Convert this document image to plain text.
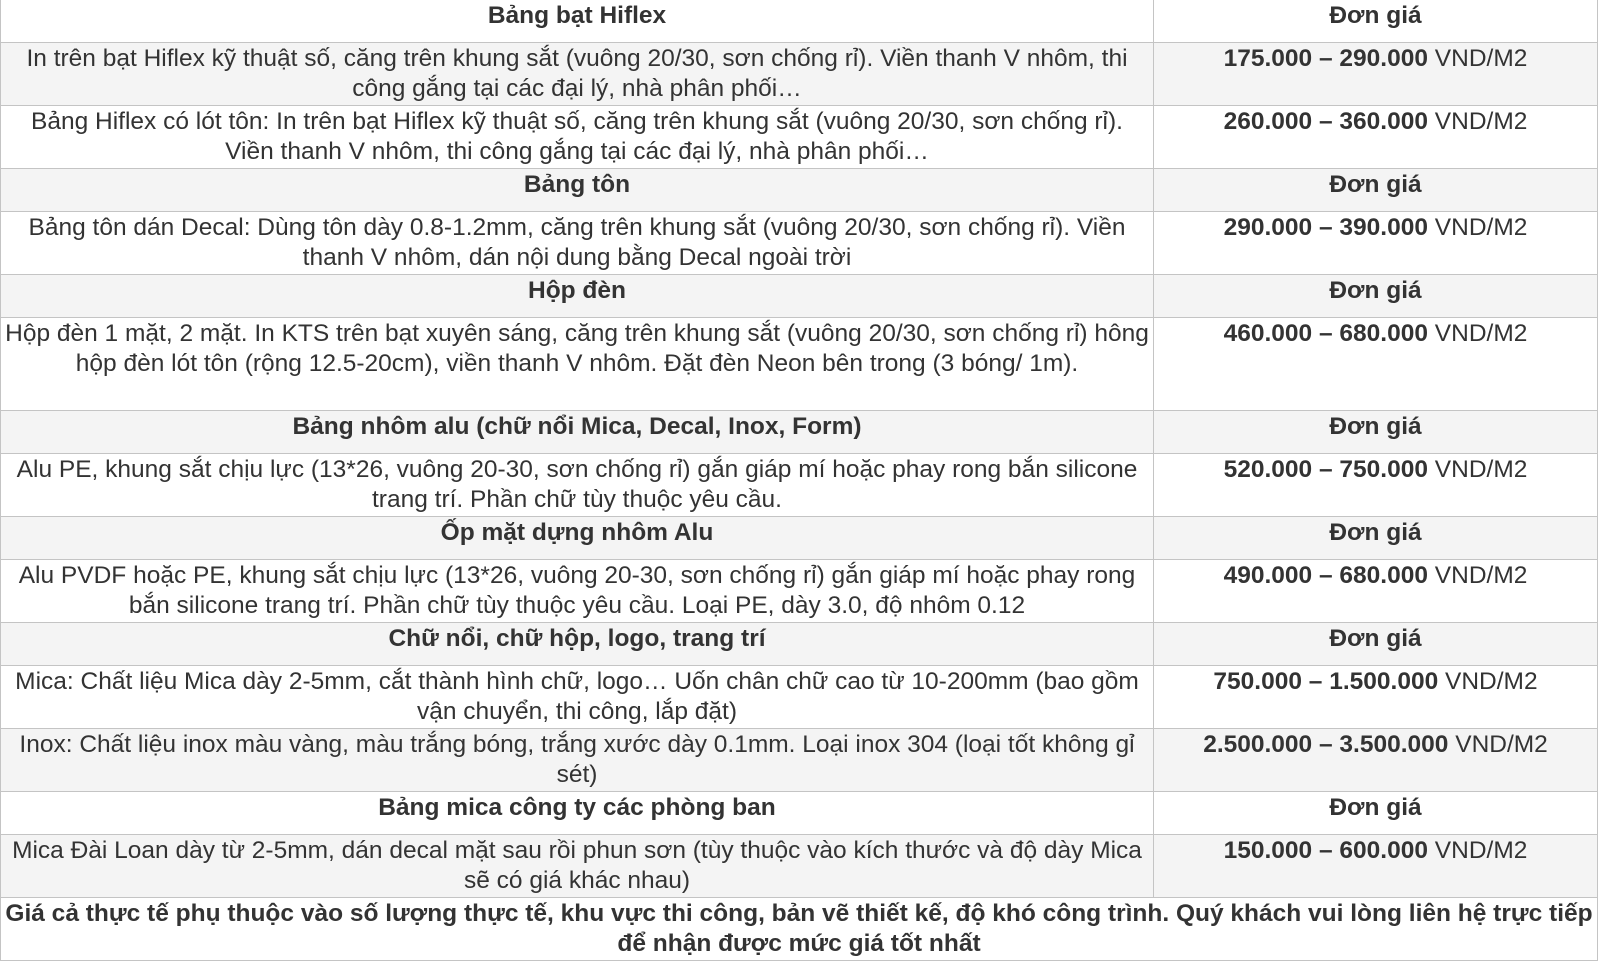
Bảng bạt Hiflex	Đơn giá
In trên bạt Hiflex kỹ thuật số, căng trên khung sắt (vuông 20/30, sơn chống rỉ). Viền thanh V nhôm, thi công gắng tại các đại lý, nhà phân phối…	175.000 – 290.000 VND/M2
Bảng Hiflex có lót tôn: In trên bạt Hiflex kỹ thuật số, căng trên khung sắt (vuông 20/30, sơn chống rỉ). Viền thanh V nhôm, thi công gắng tại các đại lý, nhà phân phối…	260.000 – 360.000 VND/M2
Bảng tôn	Đơn giá
Bảng tôn dán Decal: Dùng tôn dày 0.8-1.2mm, căng trên khung sắt (vuông 20/30, sơn chống rỉ). Viền thanh V nhôm, dán nội dung bằng Decal ngoài trời	290.000 – 390.000 VND/M2
Hộp đèn	Đơn giá
Hộp đèn 1 mặt, 2 mặt. In KTS trên bạt xuyên sáng, căng trên khung sắt (vuông 20/30, sơn chống rỉ) hông hộp đèn lót tôn (rộng 12.5-20cm), viền thanh V nhôm. Đặt đèn Neon bên trong (3 bóng/ 1m).	460.000 – 680.000 VND/M2
Bảng nhôm alu (chữ nổi Mica, Decal, Inox, Form)	Đơn giá
Alu PE, khung sắt chịu lực (13*26, vuông 20-30, sơn chống rỉ) gắn giáp mí hoặc phay rong bắn silicone trang trí. Phần chữ tùy thuộc yêu cầu.	520.000 – 750.000 VND/M2
Ốp mặt dựng nhôm Alu	Đơn giá
Alu PVDF hoặc PE, khung sắt chịu lực (13*26, vuông 20-30, sơn chống rỉ) gắn giáp mí hoặc phay rong bắn silicone trang trí. Phần chữ tùy thuộc yêu cầu. Loại PE, dày 3.0, độ nhôm 0.12	490.000 – 680.000 VND/M2
Chữ nổi, chữ hộp, logo, trang trí	Đơn giá
Mica: Chất liệu Mica dày 2-5mm, cắt thành hình chữ, logo… Uốn chân chữ cao từ 10-200mm (bao gồm vận chuyển, thi công, lắp đặt)	750.000 – 1.500.000 VND/M2
Inox: Chất liệu inox màu vàng, màu trắng bóng, trắng xước dày 0.1mm. Loại inox 304 (loại tốt không gỉ sét)	2.500.000 – 3.500.000 VND/M2
Bảng mica công ty các phòng ban	Đơn giá
Mica Đài Loan dày từ 2-5mm, dán decal mặt sau rồi phun sơn (tùy thuộc vào kích thước và độ dày Mica sẽ có giá khác nhau)	150.000 – 600.000 VND/M2
Giá cả thực tế phụ thuộc vào số lượng thực tế, khu vực thi công, bản vẽ thiết kế, độ khó công trình. Quý khách vui lòng liên hệ trực tiếp để nhận được mức giá tốt nhất	
